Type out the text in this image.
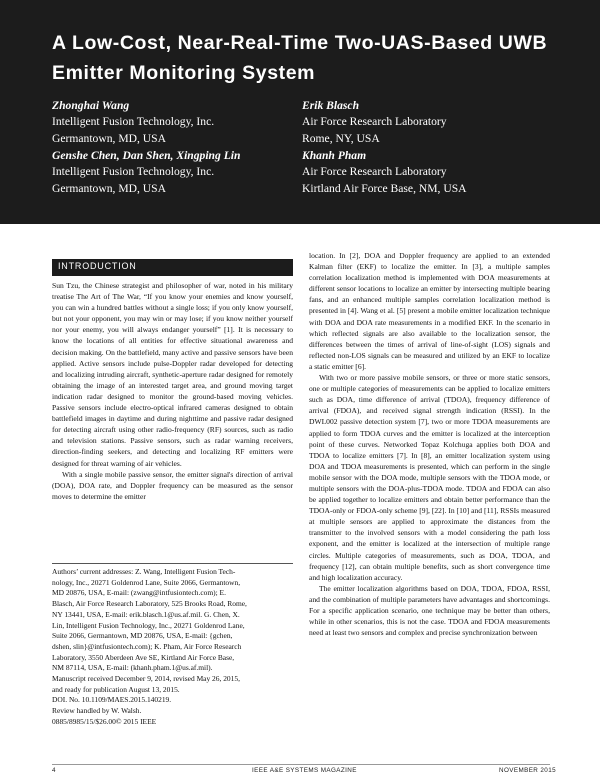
A Low-Cost, Near-Real-Time Two-UAS-Based UWB
Emitter Monitoring System
Zhonghai Wang
Intelligent Fusion Technology, Inc.
Germantown, MD, USA
Genshe Chen, Dan Shen, Xingping Lin
Intelligent Fusion Technology, Inc.
Germantown, MD, USA
Erik Blasch
Air Force Research Laboratory
Rome, NY, USA
Khanh Pham
Air Force Research Laboratory
Kirtland Air Force Base, NM, USA
INTRODUCTION

Sun Tzu, the Chinese strategist and philosopher of war, noted in his military treatise The Art of The War, “If you know your enemies and know yourself, you can win a hundred battles without a single loss; if you only know yourself, but not your opponent, you may win or may lose; if you know neither yourself nor your enemy, you will always endanger yourself” [1]. It is necessary to know the locations of all entities for effective situational awareness and decision making. On the battlefield, many active and passive sensors have been applied. Active sensors include pulse-Doppler radar developed for detecting and localizing intruding aircraft, synthetic-aperture radar designed for remotely obtaining the image of an interested target area, and ground moving target indication radar designed to monitor the ground-based moving vehicles. Passive sensors include electro-optical infrared cameras designed to obtain battlefield images in daytime and during nighttime and passive radar designed for detecting aircraft using other radio-frequency (RF) sources, such as radio and television stations. Passive sensors, such as radar warning receivers, direction-finding seekers, and detecting and localizing RF emitters were designed for threat warning of air vehicles.

With a single mobile passive sensor, the emitter signal's direction of arrival (DOA), DOA rate, and Doppler frequency can be measured as the sensor moves to determine the emitter

Authors’ current addresses: Z. Wang, Intelligent Fusion Tech-
nology, Inc., 20271 Goldenrod Lane, Suite 2066, Germantown,
MD 20876, USA, E-mail: (zwang@intfusiontech.com); E.
Blasch, Air Force Research Laboratory, 525 Brooks Road, Rome,
NY 13441, USA, E-mail: erik.blasch.1@us.af.mil. G. Chen, X.
Lin, Intelligent Fusion Technology, Inc., 20271 Goldenrod Lane,
Suite 2066, Germantown, MD 20876, USA, E-mail: {gchen,
dshen, slin}@intfusiontech.com); K. Pham, Air Force Research
Laboratory, 3550 Aberdeen Ave SE, Kirtland Air Force Base,
NM 87114, USA, E-mail: (khanh.pham.1@us.af.mil).
Manuscript received December 9, 2014, revised May 26, 2015,
and ready for publication August 13, 2015.
DOI. No. 10.1109/MAES.2015.140219.
Review handled by W. Walsh.
0885/8985/15/$26.00© 2015 IEEE

location. In [2], DOA and Doppler frequency are applied to an extended Kalman filter (EKF) to localize the emitter. In [3], a multiple samples correlation localization method is implemented with DOA measurements at different sensor locations to localize an emitter by intersecting multiple bearing fans, and an enhanced multiple samples correlation localization method is presented in [4]. Wang et al. [5] present a mobile emitter localization technique with DOA and DOA rate measurements in a modified EKF. In the scenario in which reflected signals are also available to the localization sensor, the differences between the times of arrival of line-of-sight (LOS) signals and reflected non-LOS signals can be measured and utilized by an EKF to localize a static emitter [6].

With two or more passive mobile sensors, or three or more static sensors, one or multiple categories of measurements can be applied to localize emitters such as DOA, time difference of arrival (TDOA), frequency difference of arrival (FDOA), and received signal strength indication (RSSI). In the DWL002 passive detection system [7], two or more TDOA measurements are applied to form TDOA curves and the emitter is localized at the interception point of these curves. Networked Topaz Kolchuga applies both DOA and TDOA to localize emitters [7]. In [8], an emitter localization system using DOA and TDOA measurements is presented, which can perform in the single mobile sensor with the DOA mode, multiple sensors with the TDOA mode, or multiple sensors with the DOA-plus-TDOA mode. TDOA and FDOA can also be applied together to localize emitters and obtain better performance than the TDOA-only or FDOA-only scheme [9], [22]. In [10] and [11], RSSIs measured at multiple sensors are applied to approximate the distances from the transmitter to the involved sensors with a model considering the path loss exponent, and the emitter is localized at the intersection of multiple range circles. Multiple categories of measurements, such as DOA, TDOA, and frequency [12], can obtain multiple benefits, such as short convergence time and high localization accuracy.

The emitter localization algorithms based on DOA, TDOA, FDOA, RSSI, and the combination of multiple parameters have advantages and shortcomings. For a specific application scenario, one technique may be better than others, while in other scenarios, this is not the case. TDOA and FDOA measurements need at least two sensors and complex and precise synchronization between

4	IEEE A&E SYSTEMS MAGAZINE	NOVEMBER 2015
